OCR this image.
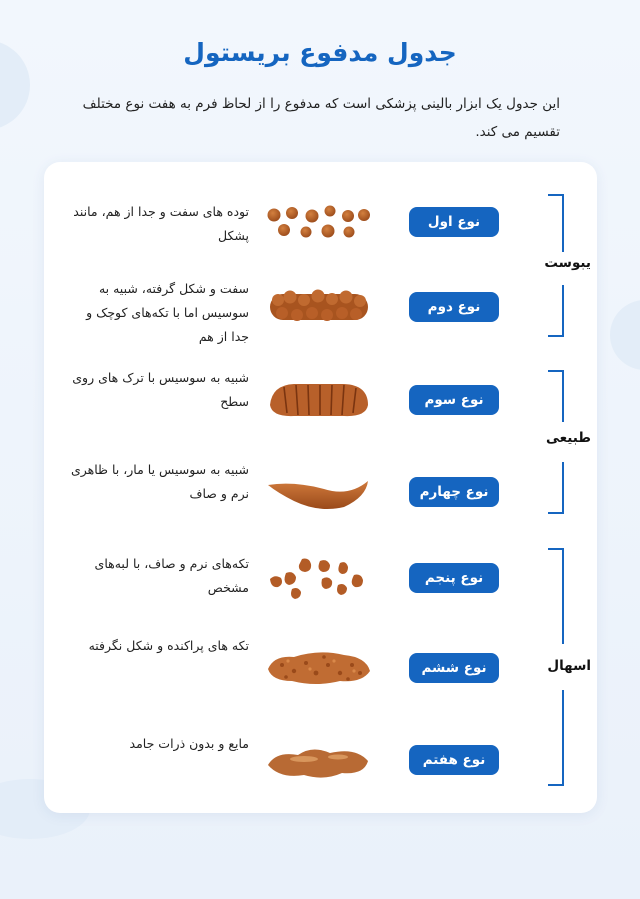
جدول مدفوع بریستول

این جدول یک ابزار بالینی پزشکی است که مدفوع را از لحاظ فرم به هفت نوع مختلف تقسیم می کند.

نوع اول
توده های سفت و جدا از هم، مانند پشکل
نوع دوم
سفت و شکل گرفته، شبیه به سوسیس اما با تکه‌های کوچک و جدا از هم
نوع سوم
شبیه به سوسیس با ترک های روی سطح
نوع چهارم
شبیه به سوسیس یا مار، با ظاهری نرم و صاف
نوع پنجم
تکه‌های نرم و صاف، با لبه‌های مشخص
نوع ششم
تکه های پراکنده و شکل نگرفته
نوع هفتم
مایع و بدون ذرات جامد
یبوست
طبیعی
اسهال
